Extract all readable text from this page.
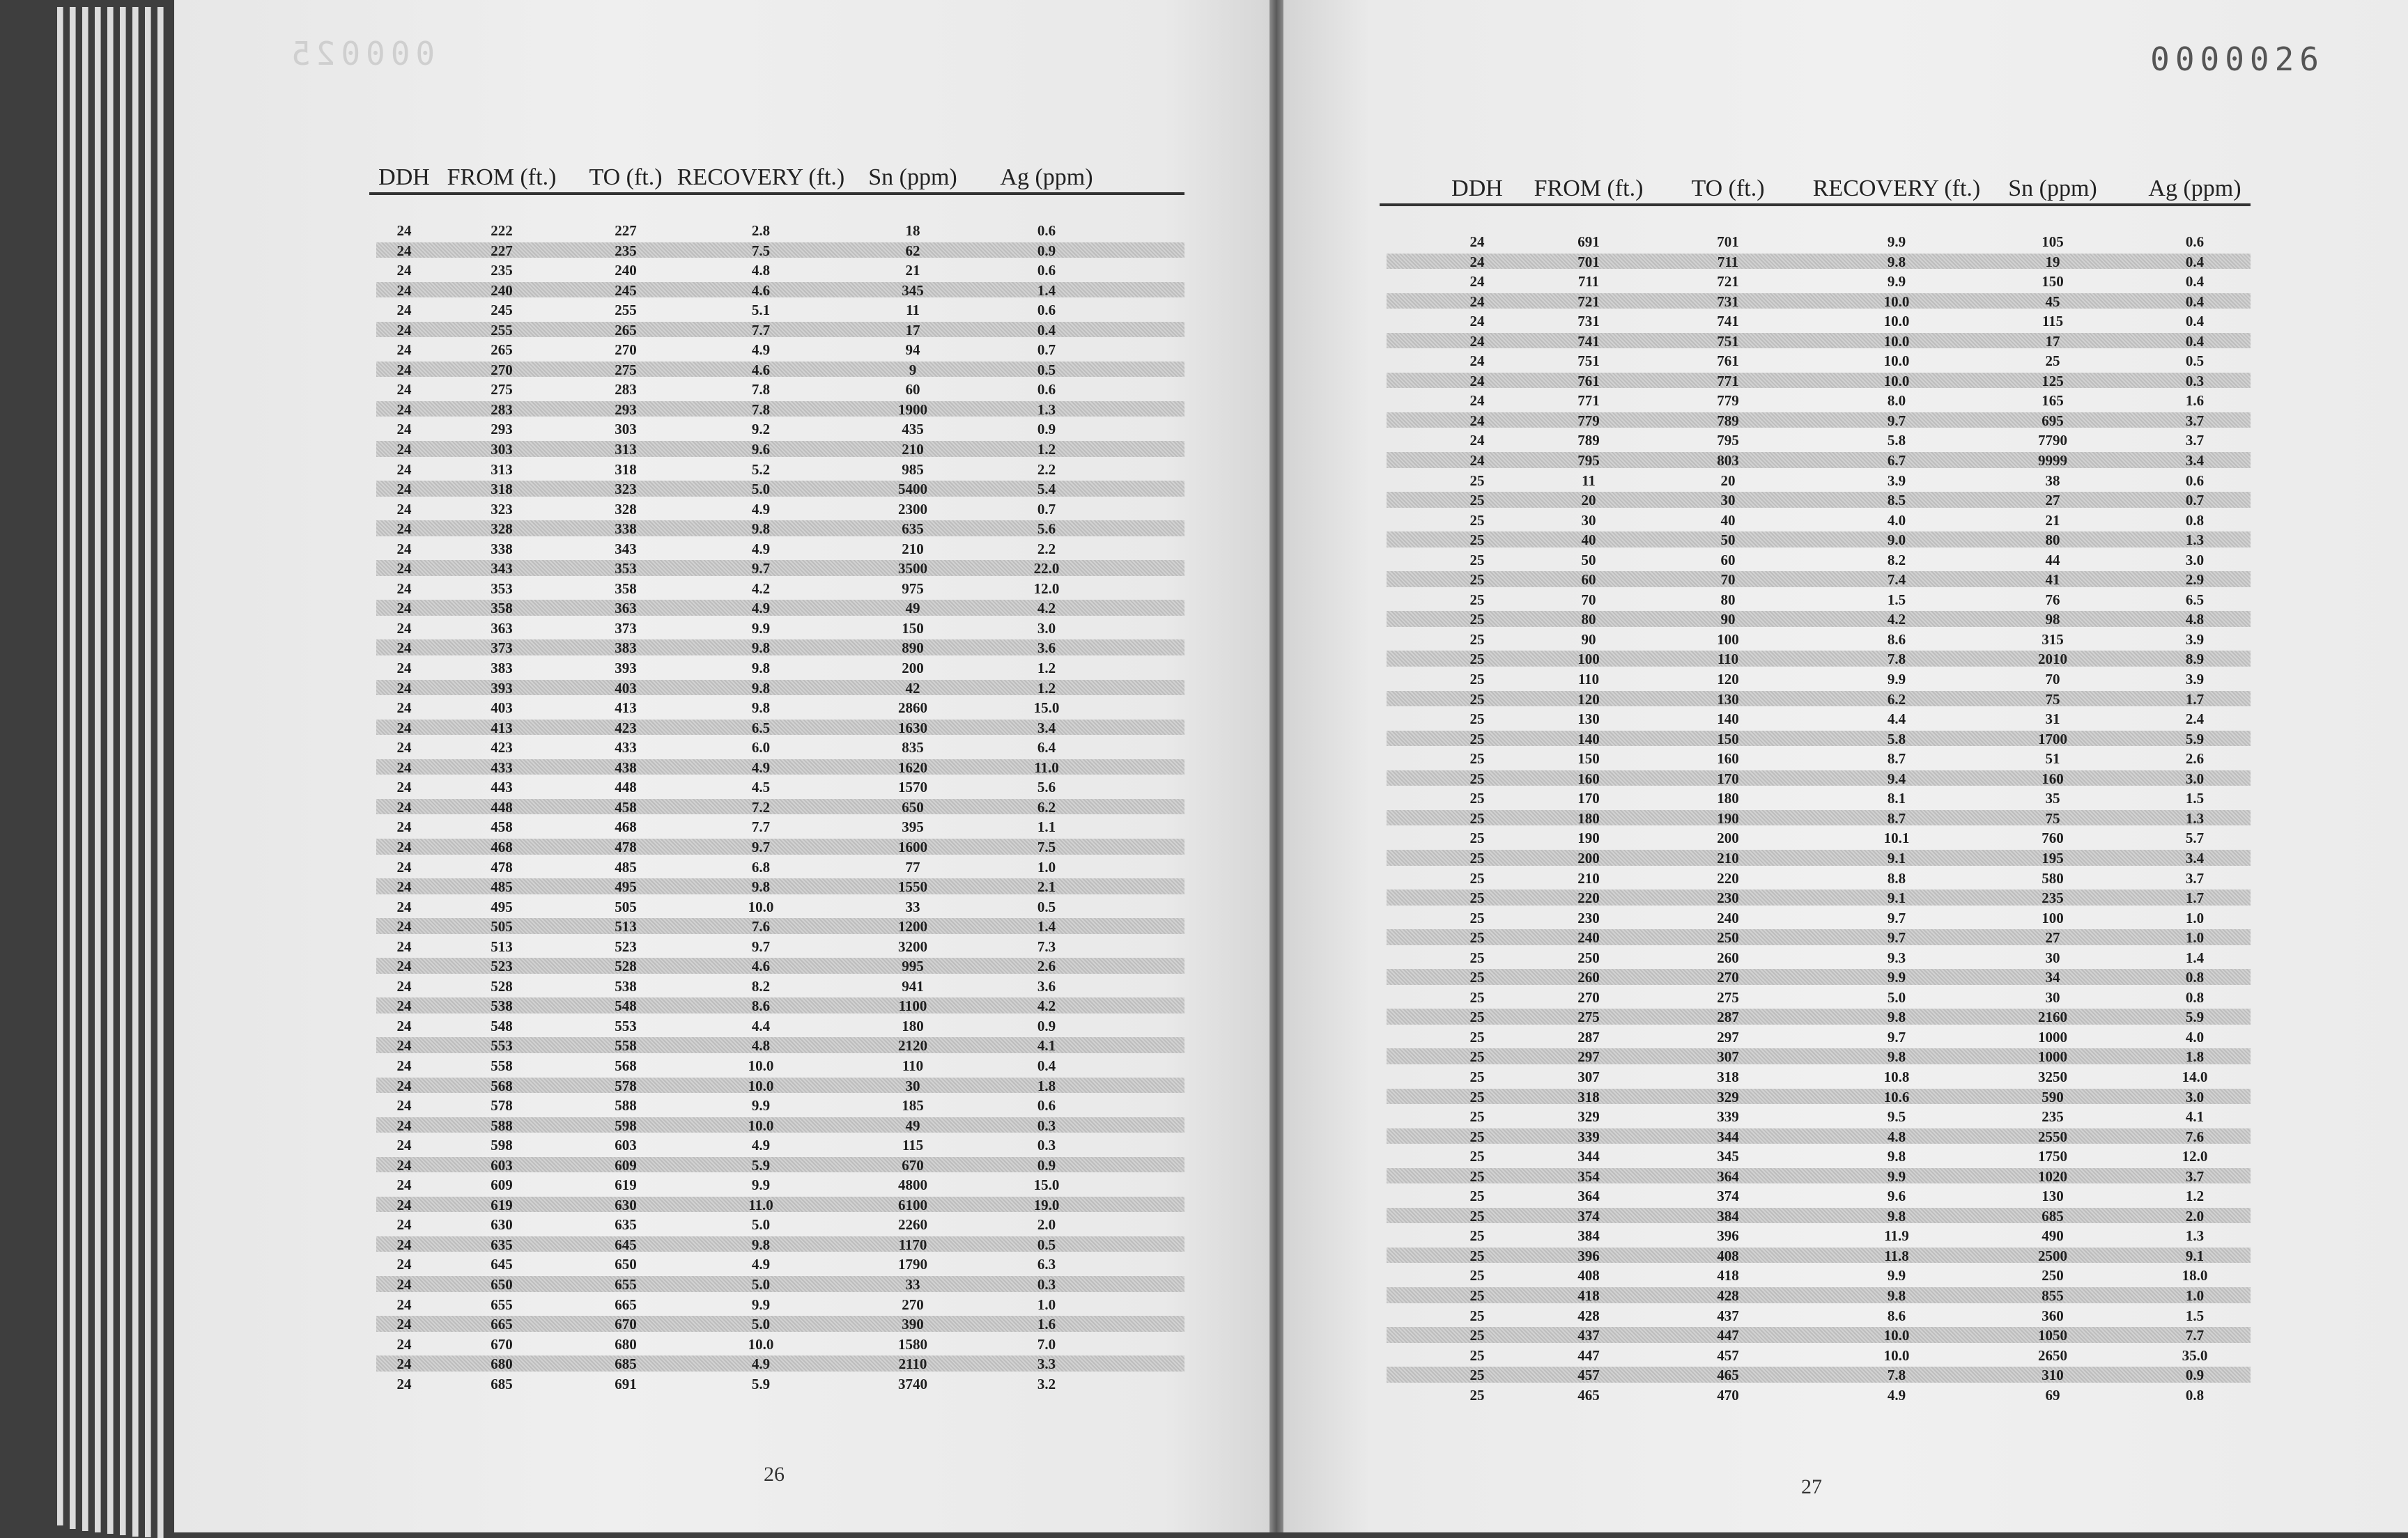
000025	0000026
DDH FROM (ft.) TO (ft.) RECOVERY (ft.) Sn (ppm) Ag (ppm)
24	222	227	2.8	18	0.6
24	227	235	7.5	62	0.9
24	235	240	4.8	21	0.6
24	240	245	4.6	345	1.4
24	245	255	5.1	11	0.6
24	255	265	7.7	17	0.4
24	265	270	4.9	94	0.7
24	270	275	4.6	9	0.5
24	275	283	7.8	60	0.6
24	283	293	7.8	1900	1.3
24	293	303	9.2	435	0.9
24	303	313	9.6	210	1.2
24	313	318	5.2	985	2.2
24	318	323	5.0	5400	5.4
24	323	328	4.9	2300	0.7
24	328	338	9.8	635	5.6
24	338	343	4.9	210	2.2
24	343	353	9.7	3500	22.0
24	353	358	4.2	975	12.0
24	358	363	4.9	49	4.2
24	363	373	9.9	150	3.0
24	373	383	9.8	890	3.6
24	383	393	9.8	200	1.2
24	393	403	9.8	42	1.2
24	403	413	9.8	2860	15.0
24	413	423	6.5	1630	3.4
24	423	433	6.0	835	6.4
24	433	438	4.9	1620	11.0
24	443	448	4.5	1570	5.6
24	448	458	7.2	650	6.2
24	458	468	7.7	395	1.1
24	468	478	9.7	1600	7.5
24	478	485	6.8	77	1.0
24	485	495	9.8	1550	2.1
24	495	505	10.0	33	0.5
24	505	513	7.6	1200	1.4
24	513	523	9.7	3200	7.3
24	523	528	4.6	995	2.6
24	528	538	8.2	941	3.6
24	538	548	8.6	1100	4.2
24	548	553	4.4	180	0.9
24	553	558	4.8	2120	4.1
24	558	568	10.0	110	0.4
24	568	578	10.0	30	1.8
24	578	588	9.9	185	0.6
24	588	598	10.0	49	0.3
24	598	603	4.9	115	0.3
24	603	609	5.9	670	0.9
24	609	619	9.9	4800	15.0
24	619	630	11.0	6100	19.0
24	630	635	5.0	2260	2.0
24	635	645	9.8	1170	0.5
24	645	650	4.9	1790	6.3
24	650	655	5.0	33	0.3
24	655	665	9.9	270	1.0
24	665	670	5.0	390	1.6
24	670	680	10.0	1580	7.0
24	680	685	4.9	2110	3.3
24	685	691	5.9	3740	3.2
DDH FROM (ft.) TO (ft.) RECOVERY (ft.) Sn (ppm) Ag (ppm)
24	691	701	9.9	105	0.6
24	701	711	9.8	19	0.4
24	711	721	9.9	150	0.4
24	721	731	10.0	45	0.4
24	731	741	10.0	115	0.4
24	741	751	10.0	17	0.4
24	751	761	10.0	25	0.5
24	761	771	10.0	125	0.3
24	771	779	8.0	165	1.6
24	779	789	9.7	695	3.7
24	789	795	5.8	7790	3.7
24	795	803	6.7	9999	3.4
25	11	20	3.9	38	0.6
25	20	30	8.5	27	0.7
25	30	40	4.0	21	0.8
25	40	50	9.0	80	1.3
25	50	60	8.2	44	3.0
25	60	70	7.4	41	2.9
25	70	80	1.5	76	6.5
25	80	90	4.2	98	4.8
25	90	100	8.6	315	3.9
25	100	110	7.8	2010	8.9
25	110	120	9.9	70	3.9
25	120	130	6.2	75	1.7
25	130	140	4.4	31	2.4
25	140	150	5.8	1700	5.9
25	150	160	8.7	51	2.6
25	160	170	9.4	160	3.0
25	170	180	8.1	35	1.5
25	180	190	8.7	75	1.3
25	190	200	10.1	760	5.7
25	200	210	9.1	195	3.4
25	210	220	8.8	580	3.7
25	220	230	9.1	235	1.7
25	230	240	9.7	100	1.0
25	240	250	9.7	27	1.0
25	250	260	9.3	30	1.4
25	260	270	9.9	34	0.8
25	270	275	5.0	30	0.8
25	275	287	9.8	2160	5.9
25	287	297	9.7	1000	4.0
25	297	307	9.8	1000	1.8
25	307	318	10.8	3250	14.0
25	318	329	10.6	590	3.0
25	329	339	9.5	235	4.1
25	339	344	4.8	2550	7.6
25	344	345	9.8	1750	12.0
25	354	364	9.9	1020	3.7
25	364	374	9.6	130	1.2
25	374	384	9.8	685	2.0
25	384	396	11.9	490	1.3
25	396	408	11.8	2500	9.1
25	408	418	9.9	250	18.0
25	418	428	9.8	855	1.0
25	428	437	8.6	360	1.5
25	437	447	10.0	1050	7.7
25	447	457	10.0	2650	35.0
25	457	465	7.8	310	0.9
25	465	470	4.9	69	0.8
26
27
